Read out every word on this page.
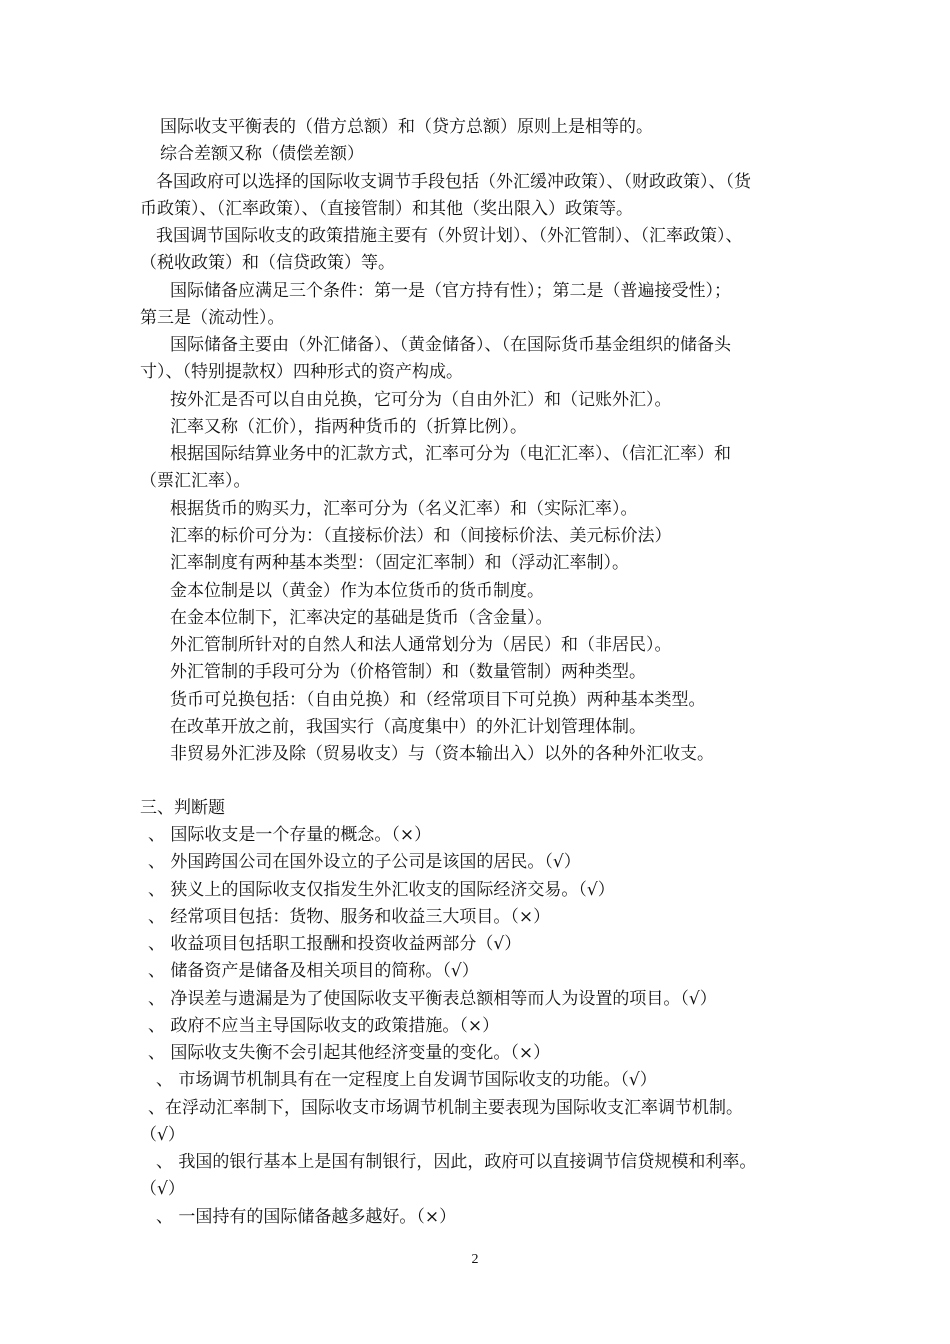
国际收支平衡表的（借方总额）和（贷方总额）原则上是相等的。
综合差额又称（债偿差额）
各国政府可以选择的国际收支调节手段包括（外汇缓冲政策）、（财政政策）、（货
币政策）、（汇率政策）、（直接管制）和其他（奖出限入）政策等。
我国调节国际收支的政策措施主要有（外贸计划）、（外汇管制）、（汇率政策）、
（税收政策）和（信贷政策）等。
国际储备应满足三个条件：第一是（官方持有性）；第二是（普遍接受性）；
第三是（流动性）。
国际储备主要由（外汇储备）、（黄金储备）、（在国际货币基金组织的储备头
寸）、（特别提款权）四种形式的资产构成。
按外汇是否可以自由兑换，它可分为（自由外汇）和（记账外汇）。
汇率又称（汇价），指两种货币的（折算比例）。
根据国际结算业务中的汇款方式，汇率可分为（电汇汇率）、（信汇汇率）和
（票汇汇率）。
根据货币的购买力，汇率可分为（名义汇率）和（实际汇率）。
汇率的标价可分为：（直接标价法）和（间接标价法、美元标价法）
汇率制度有两种基本类型：（固定汇率制）和（浮动汇率制）。
金本位制是以（黄金）作为本位货币的货币制度。
在金本位制下，汇率决定的基础是货币（含金量）。
外汇管制所针对的自然人和法人通常划分为（居民）和（非居民）。
外汇管制的手段可分为（价格管制）和（数量管制）两种类型。
货币可兑换包括：（自由兑换）和（经常项目下可兑换）两种基本类型。
在改革开放之前，我国实行（高度集中）的外汇计划管理体制。
非贸易外汇涉及除（贸易收支）与（资本输出入）以外的各种外汇收支。
三、判断题
、 国际收支是一个存量的概念。（×）
、 外国跨国公司在国外设立的子公司是该国的居民。（√）
、 狭义上的国际收支仅指发生外汇收支的国际经济交易。（√）
、 经常项目包括：货物、服务和收益三大项目。（×）
、 收益项目包括职工报酬和投资收益两部分（√）
、 储备资产是储备及相关项目的简称。（√）
、 净误差与遗漏是为了使国际收支平衡表总额相等而人为设置的项目。（√）
、 政府不应当主导国际收支的政策措施。（×）
、 国际收支失衡不会引起其他经济变量的变化。（×）
、 市场调节机制具有在一定程度上自发调节国际收支的功能。（√）
、在浮动汇率制下，国际收支市场调节机制主要表现为国际收支汇率调节机制。
（√）
、 我国的银行基本上是国有制银行，因此，政府可以直接调节信贷规模和利率。
（√）
、 一国持有的国际储备越多越好。（×）
2
